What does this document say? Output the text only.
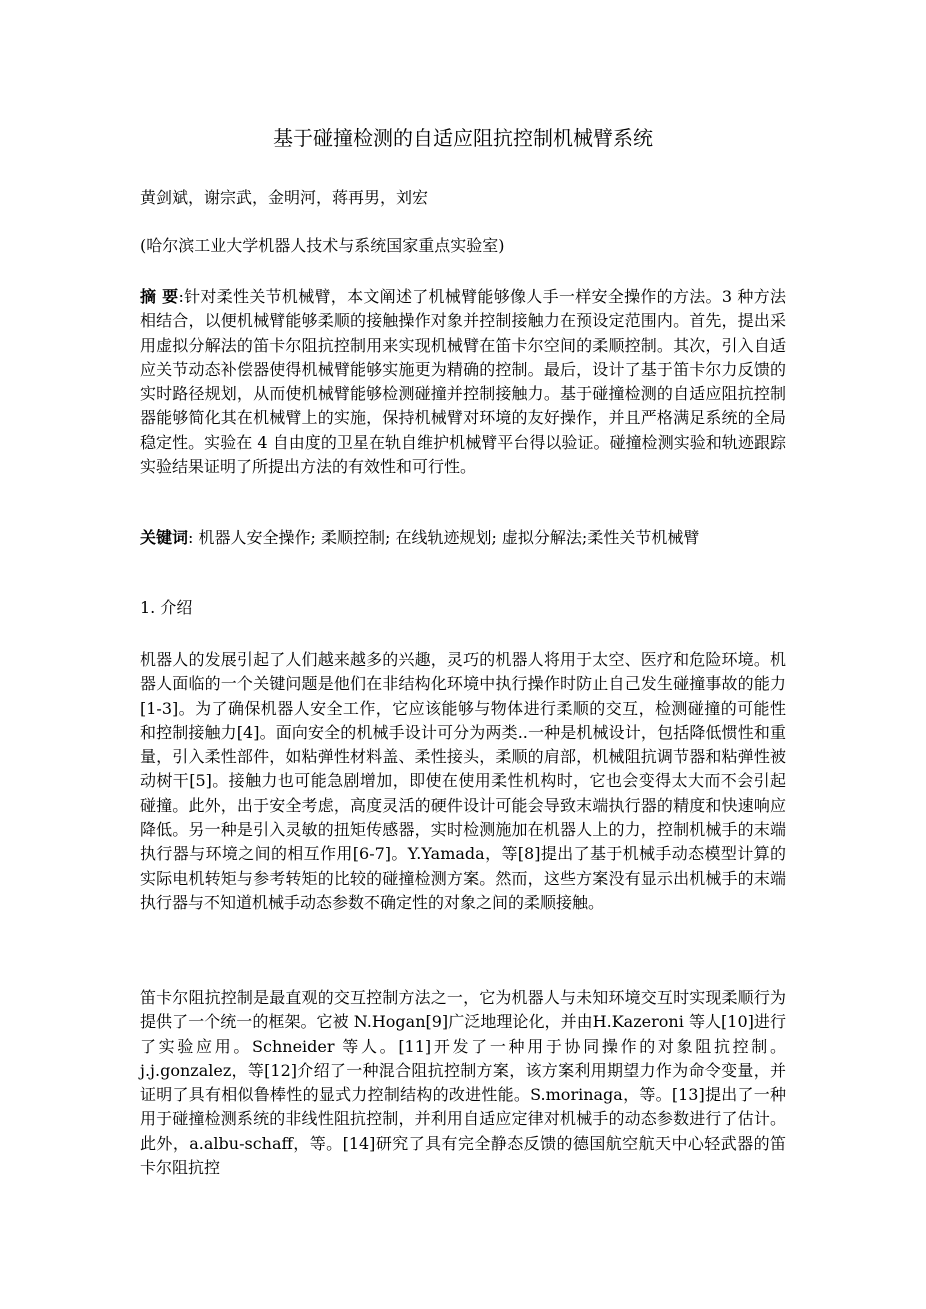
基于碰撞检测的自适应阻抗控制机械臂系统
黄剑斌，谢宗武，金明河，蒋再男，刘宏
(哈尔滨工业大学机器人技术与系统国家重点实验室)
摘 要:针对柔性关节机械臂，本文阐述了机械臂能够像人手一样安全操作的方法。3 种方法相结合，以便机械臂能够柔顺的接触操作对象并控制接触力在预设定范围内。首先，提出采用虚拟分解法的笛卡尔阻抗控制用来实现机械臂在笛卡尔空间的柔顺控制。其次，引入自适应关节动态补偿器使得机械臂能够实施更为精确的控制。最后，设计了基于笛卡尔力反馈的实时路径规划，从而使机械臂能够检测碰撞并控制接触力。基于碰撞检测的自适应阻抗控制器能够简化其在机械臂上的实施，保持机械臂对环境的友好操作，并且严格满足系统的全局稳定性。实验在 4 自由度的卫星在轨自维护机械臂平台得以验证。碰撞检测实验和轨迹跟踪实验结果证明了所提出方法的有效性和可行性。
关键词: 机器人安全操作; 柔顺控制; 在线轨迹规划; 虚拟分解法;柔性关节机械臂
1. 介绍
机器人的发展引起了人们越来越多的兴趣，灵巧的机器人将用于太空、医疗和危险环境。机器人面临的一个关键问题是他们在非结构化环境中执行操作时防止自己发生碰撞事故的能力[1-3]。为了确保机器人安全工作，它应该能够与物体进行柔顺的交互，检测碰撞的可能性和控制接触力[4]。面向安全的机械手设计可分为两类..一种是机械设计，包括降低惯性和重量，引入柔性部件，如粘弹性材料盖、柔性接头，柔顺的肩部，机械阻抗调节器和粘弹性被动树干[5]。接触力也可能急剧增加，即使在使用柔性机构时，它也会变得太大而不会引起碰撞。此外，出于安全考虑，高度灵活的硬件设计可能会导致末端执行器的精度和快速响应降低。另一种是引入灵敏的扭矩传感器，实时检测施加在机器人上的力，控制机械手的末端执行器与环境之间的相互作用[6-7]。Y.Yamada，等[8]提出了基于机械手动态模型计算的实际电机转矩与参考转矩的比较的碰撞检测方案。然而，这些方案没有显示出机械手的末端执行器与不知道机械手动态参数不确定性的对象之间的柔顺接触。
笛卡尔阻抗控制是最直观的交互控制方法之一，它为机器人与未知环境交互时实现柔顺行为提供了一个统一的框架。它被 N.Hogan[9]广泛地理论化，并由H.Kazeroni 等人[10]进行了实验应用。Schneider 等人。[11]开发了一种用于协同操作的对象阻抗控制。j.j.gonzalez，等[12]介绍了一种混合阻抗控制方案，该方案利用期望力作为命令变量，并证明了具有相似鲁棒性的显式力控制结构的改进性能。S.morinaga，等。[13]提出了一种用于碰撞检测系统的非线性阻抗控制，并利用自适应定律对机械手的动态参数进行了估计。此外，a.albu-schaff，等。[14]研究了具有完全静态反馈的德国航空航天中心轻武器的笛卡尔阻抗控
